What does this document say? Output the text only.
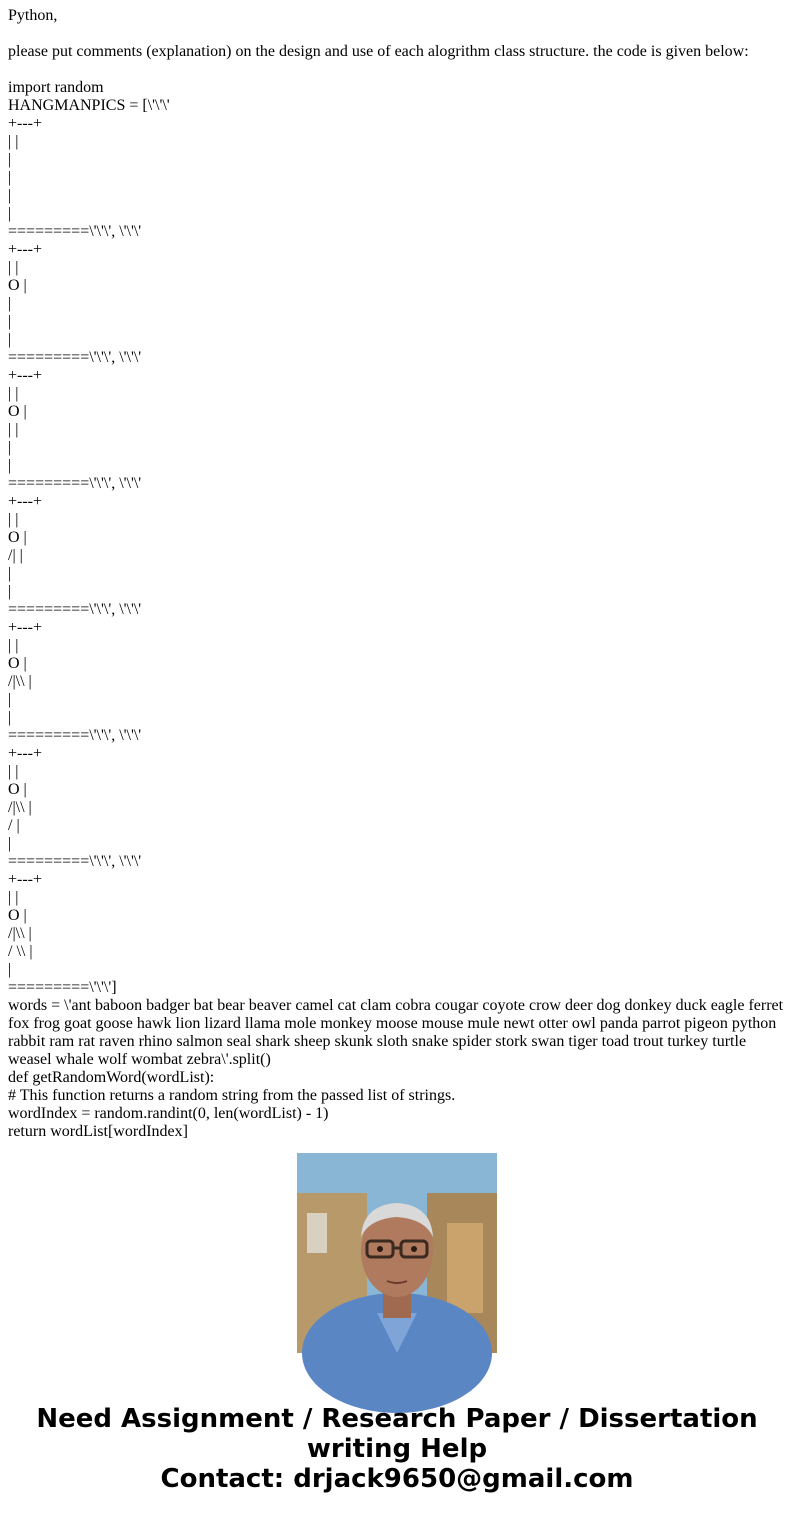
Python,

please put comments (explanation) on the design and use of each alogrithm class structure. the code is given below:

import random
HANGMANPICS = [\'\'\'
+---+
| |
|
|
|
|
=========\'\'\', \'\'\'
+---+
| |
O |
|
|
|
=========\'\'\', \'\'\'
+---+
| |
O |
| |
|
|
=========\'\'\', \'\'\'
+---+
| |
O |
/| |
|
|
=========\'\'\', \'\'\'
+---+
| |
O |
/|\\ |
|
|
=========\'\'\', \'\'\'
+---+
| |
O |
/|\\ |
/ |
|
=========\'\'\', \'\'\'
+---+
| |
O |
/|\\ |
/ \\ |
|
=========\'\'\']
words = \'ant baboon badger bat bear beaver camel cat clam cobra cougar coyote crow deer dog donkey duck eagle ferret fox frog goat goose hawk lion lizard llama mole monkey moose mouse mule newt otter owl panda parrot pigeon python rabbit ram rat raven rhino salmon seal shark sheep skunk sloth snake spider stork swan tiger toad trout turkey turtle weasel whale wolf wombat zebra\'.split()
def getRandomWord(wordList):
# This function returns a random string from the passed list of strings.
wordIndex = random.randint(0, len(wordList) - 1)
return wordList[wordIndex]
Need Assignment / Research Paper / Dissertation
writing Help
Contact: drjack9650@gmail.com
